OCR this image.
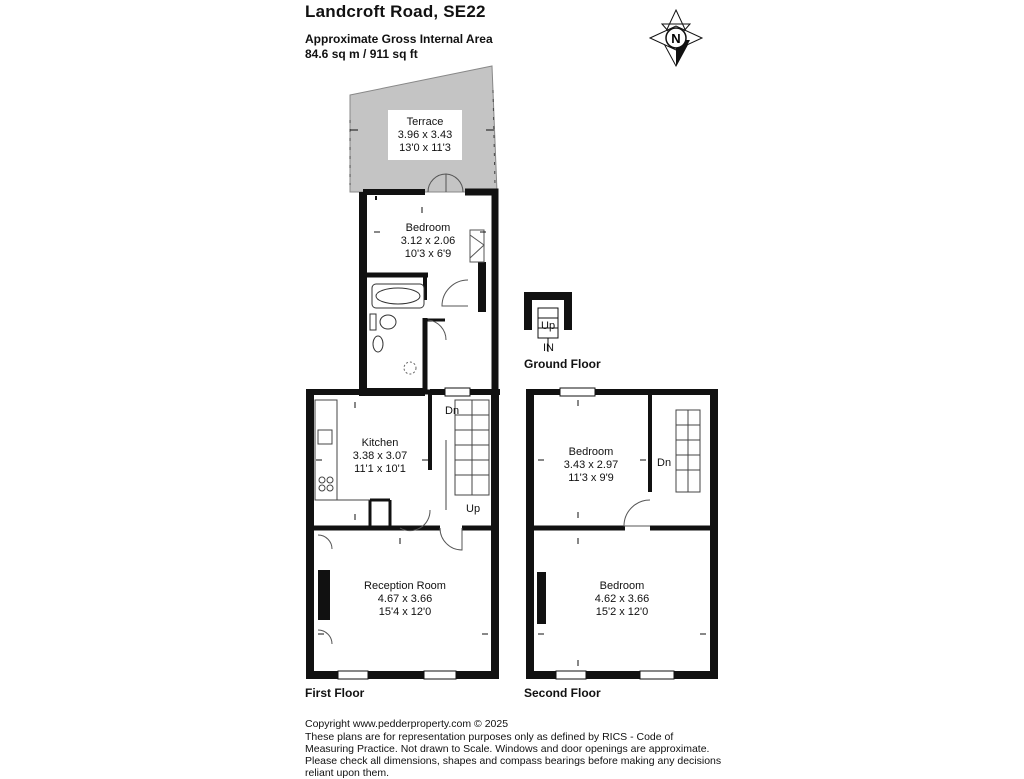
Landcroft Road, SE22
Approximate Gross Internal Area
84.6 sq m / 911 sq ft
N
Terrace
3.96 x 3.43
13'0 x 11'3
Bedroom
3.12 x 2.06
10'3 x 6'9
Kitchen
3.38 x 3.07
11'1 x 10'1
Reception Room
4.67 x 3.66
15'4 x 12'0
Bedroom
3.43 x 2.97
11'3 x 9'9
Bedroom
4.62 x 3.66
15'2 x 12'0
Dn
Up
Dn
Up
IN
Ground Floor
First Floor	Second Floor
Copyright www.pedderproperty.com © 2025
These plans are for representation purposes only as defined by RICS - Code of Measuring Practice. Not drawn to Scale. Windows and door openings are approximate. Please check all dimensions, shapes and compass bearings before making any decisions reliant upon them.
